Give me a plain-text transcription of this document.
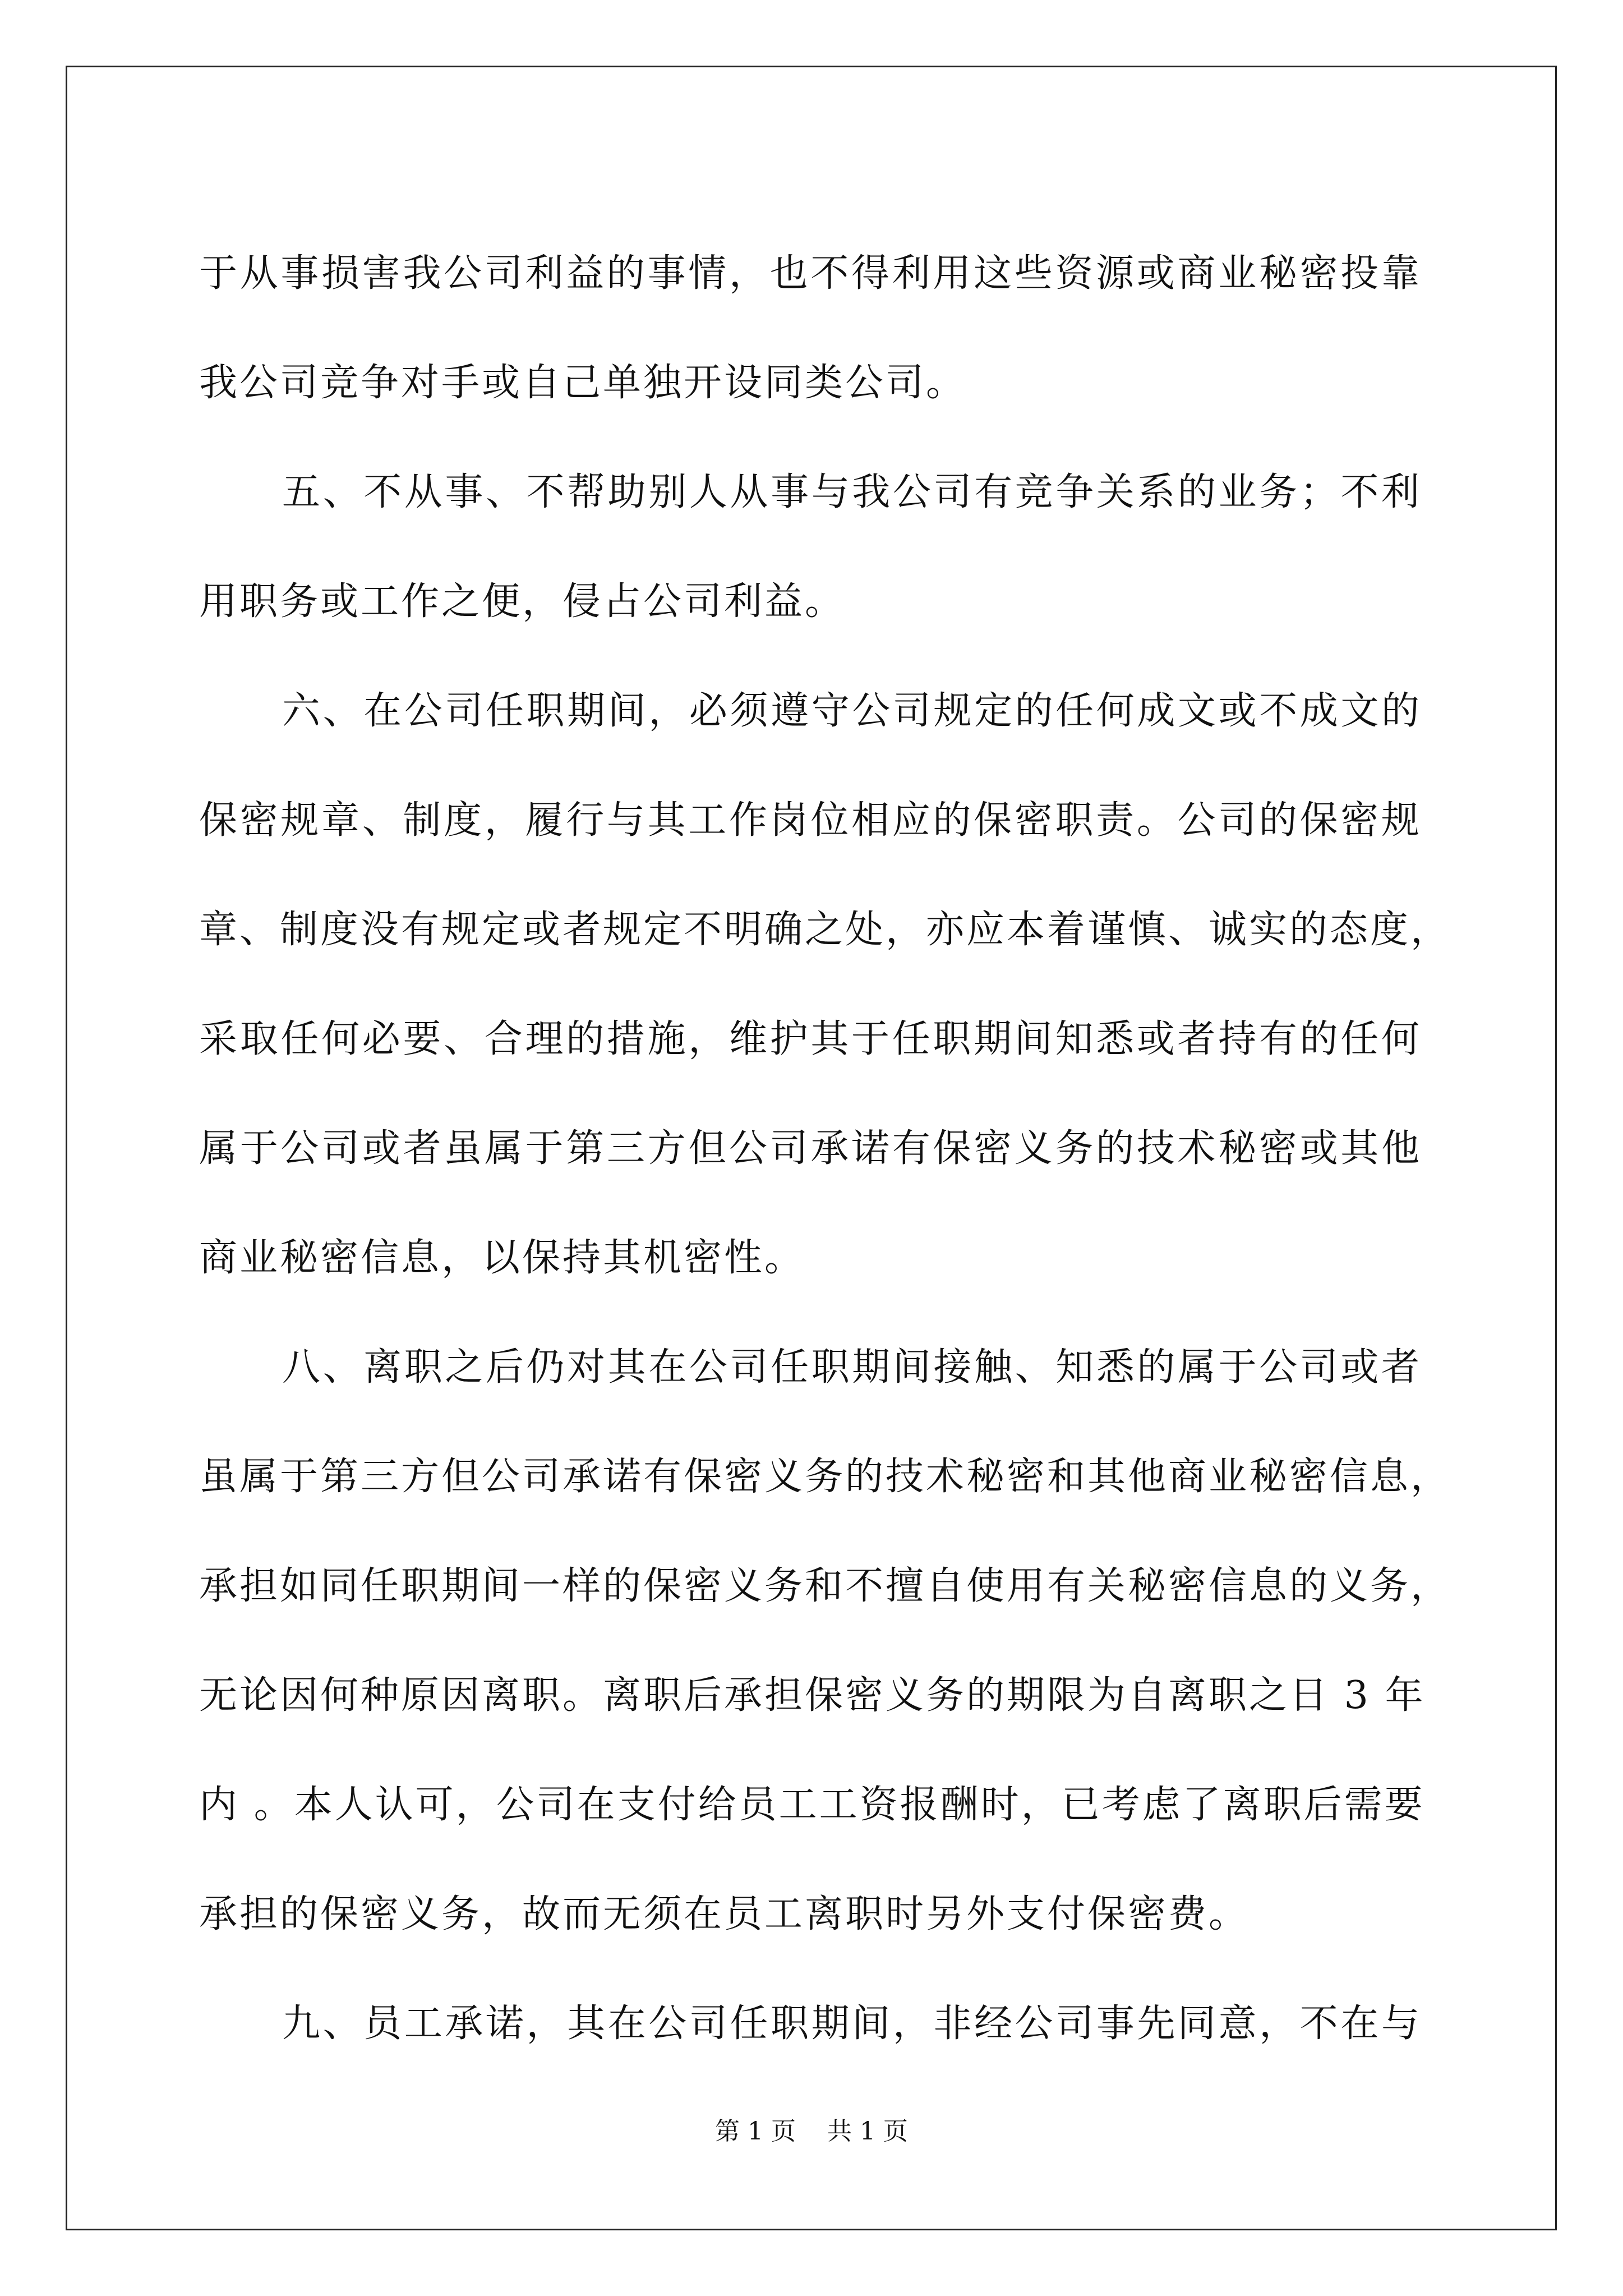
于从事损害我公司利益的事情，也不得利用这些资源或商业秘密投靠
我公司竞争对手或自己单独开设同类公司。
五、不从事、不帮助别人从事与我公司有竞争关系的业务；不利
用职务或工作之便，侵占公司利益。
六、在公司任职期间，必须遵守公司规定的任何成文或不成文的
保密规章、制度，履行与其工作岗位相应的保密职责。公司的保密规
章、制度没有规定或者规定不明确之处，亦应本着谨慎、诚实的态度，
采取任何必要、合理的措施，维护其于任职期间知悉或者持有的任何
属于公司或者虽属于第三方但公司承诺有保密义务的技术秘密或其他
商业秘密信息，以保持其机密性。
八、离职之后仍对其在公司任职期间接触、知悉的属于公司或者
虽属于第三方但公司承诺有保密义务的技术秘密和其他商业秘密信息，
承担如同任职期间一样的保密义务和不擅自使用有关秘密信息的义务，
无论因何种原因离职。离职后承担保密义务的期限为自离职之日 3 年
内 。本人认可，公司在支付给员工工资报酬时，已考虑了离职后需要
承担的保密义务，故而无须在员工离职时另外支付保密费。
九、员工承诺，其在公司任职期间，非经公司事先同意，不在与
第 1 页    共 1 页
